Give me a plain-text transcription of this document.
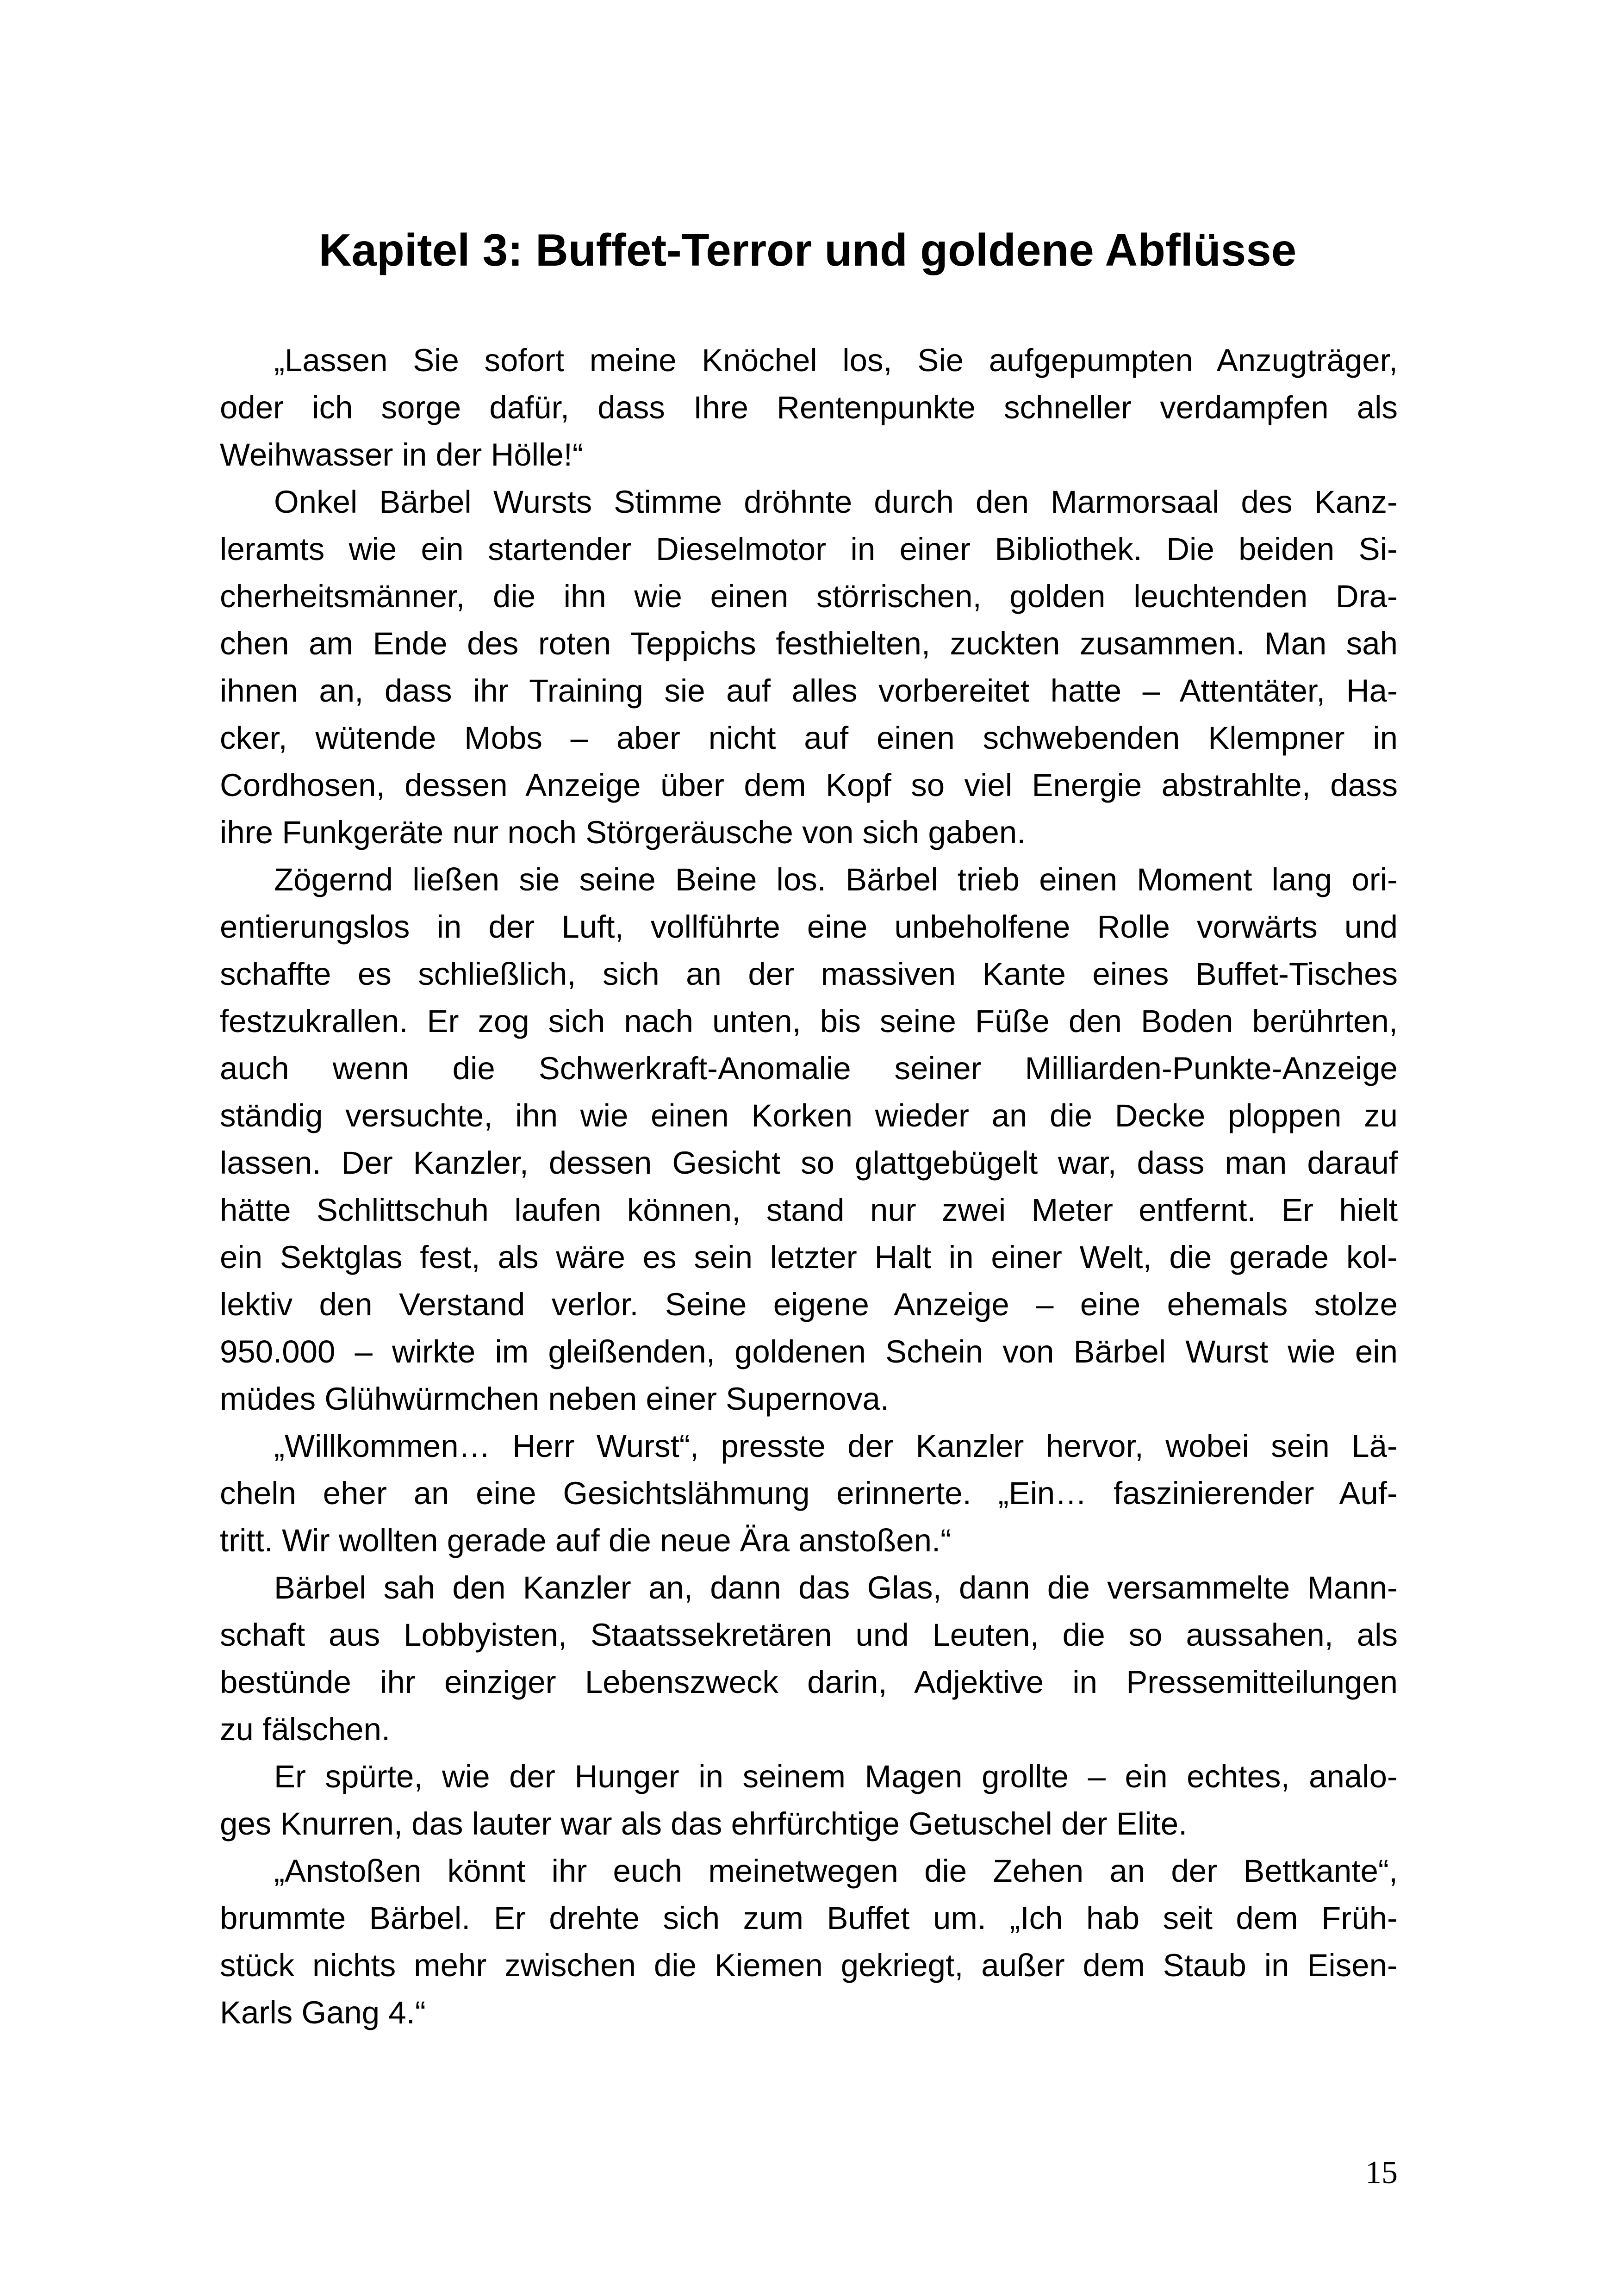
Kapitel 3: Buffet-Terror und goldene Abflüsse
„Lassen Sie sofort meine Knöchel los, Sie aufgepumpten Anzugträger,
oder ich sorge dafür, dass Ihre Rentenpunkte schneller verdampfen als
Weihwasser in der Hölle!“
Onkel Bärbel Wursts Stimme dröhnte durch den Marmorsaal des Kanz-
leramts wie ein startender Dieselmotor in einer Bibliothek. Die beiden Si-
cherheitsmänner, die ihn wie einen störrischen, golden leuchtenden Dra-
chen am Ende des roten Teppichs festhielten, zuckten zusammen. Man sah
ihnen an, dass ihr Training sie auf alles vorbereitet hatte – Attentäter, Ha-
cker, wütende Mobs – aber nicht auf einen schwebenden Klempner in
Cordhosen, dessen Anzeige über dem Kopf so viel Energie abstrahlte, dass
ihre Funkgeräte nur noch Störgeräusche von sich gaben.
Zögernd ließen sie seine Beine los. Bärbel trieb einen Moment lang ori-
entierungslos in der Luft, vollführte eine unbeholfene Rolle vorwärts und
schaffte es schließlich, sich an der massiven Kante eines Buffet-Tisches
festzukrallen. Er zog sich nach unten, bis seine Füße den Boden berührten,
auch wenn die Schwerkraft-Anomalie seiner Milliarden-Punkte-Anzeige
ständig versuchte, ihn wie einen Korken wieder an die Decke ploppen zu
lassen. Der Kanzler, dessen Gesicht so glattgebügelt war, dass man darauf
hätte Schlittschuh laufen können, stand nur zwei Meter entfernt. Er hielt
ein Sektglas fest, als wäre es sein letzter Halt in einer Welt, die gerade kol-
lektiv den Verstand verlor. Seine eigene Anzeige – eine ehemals stolze
950.000 – wirkte im gleißenden, goldenen Schein von Bärbel Wurst wie ein
müdes Glühwürmchen neben einer Supernova.
„Willkommen… Herr Wurst“, presste der Kanzler hervor, wobei sein Lä-
cheln eher an eine Gesichtslähmung erinnerte. „Ein… faszinierender Auf-
tritt. Wir wollten gerade auf die neue Ära anstoßen.“
Bärbel sah den Kanzler an, dann das Glas, dann die versammelte Mann-
schaft aus Lobbyisten, Staatssekretären und Leuten, die so aussahen, als
bestünde ihr einziger Lebenszweck darin, Adjektive in Pressemitteilungen
zu fälschen.
Er spürte, wie der Hunger in seinem Magen grollte – ein echtes, analo-
ges Knurren, das lauter war als das ehrfürchtige Getuschel der Elite.
„Anstoßen könnt ihr euch meinetwegen die Zehen an der Bettkante“,
brummte Bärbel. Er drehte sich zum Buffet um. „Ich hab seit dem Früh-
stück nichts mehr zwischen die Kiemen gekriegt, außer dem Staub in Eisen-
Karls Gang 4.“
15
